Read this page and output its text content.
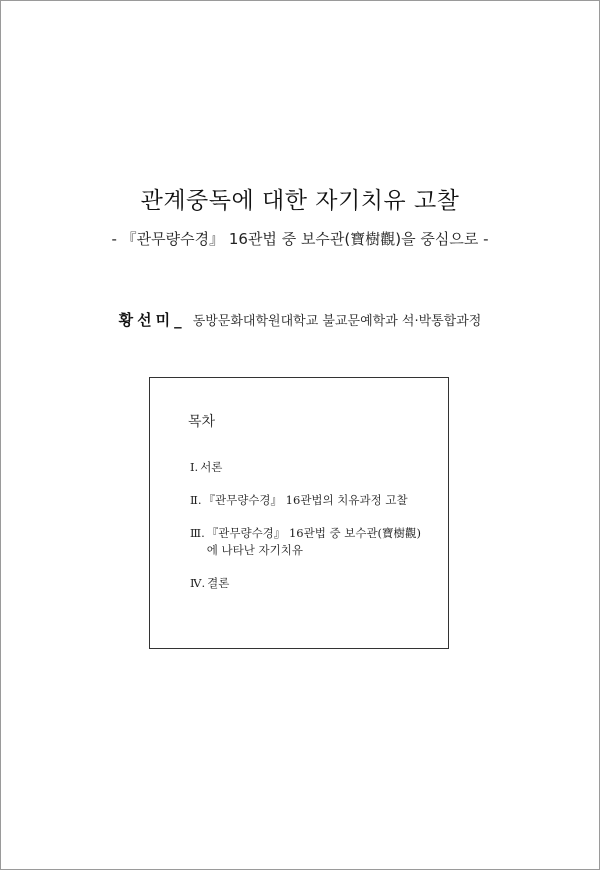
관계중독에 대한 자기치유 고찰
- 『관무량수경』 16관법 중 보수관(寶樹觀)을 중심으로 -
황선미_ 동방문화대학원대학교 불교문예학과 석·박통합과정
목차
Ⅰ. 서론
Ⅱ. 『관무량수경』 16관법의 치유과정 고찰
Ⅲ. 『관무량수경』 16관법 중 보수관(寶樹觀)에 나타난 자기치유
Ⅳ. 결론
